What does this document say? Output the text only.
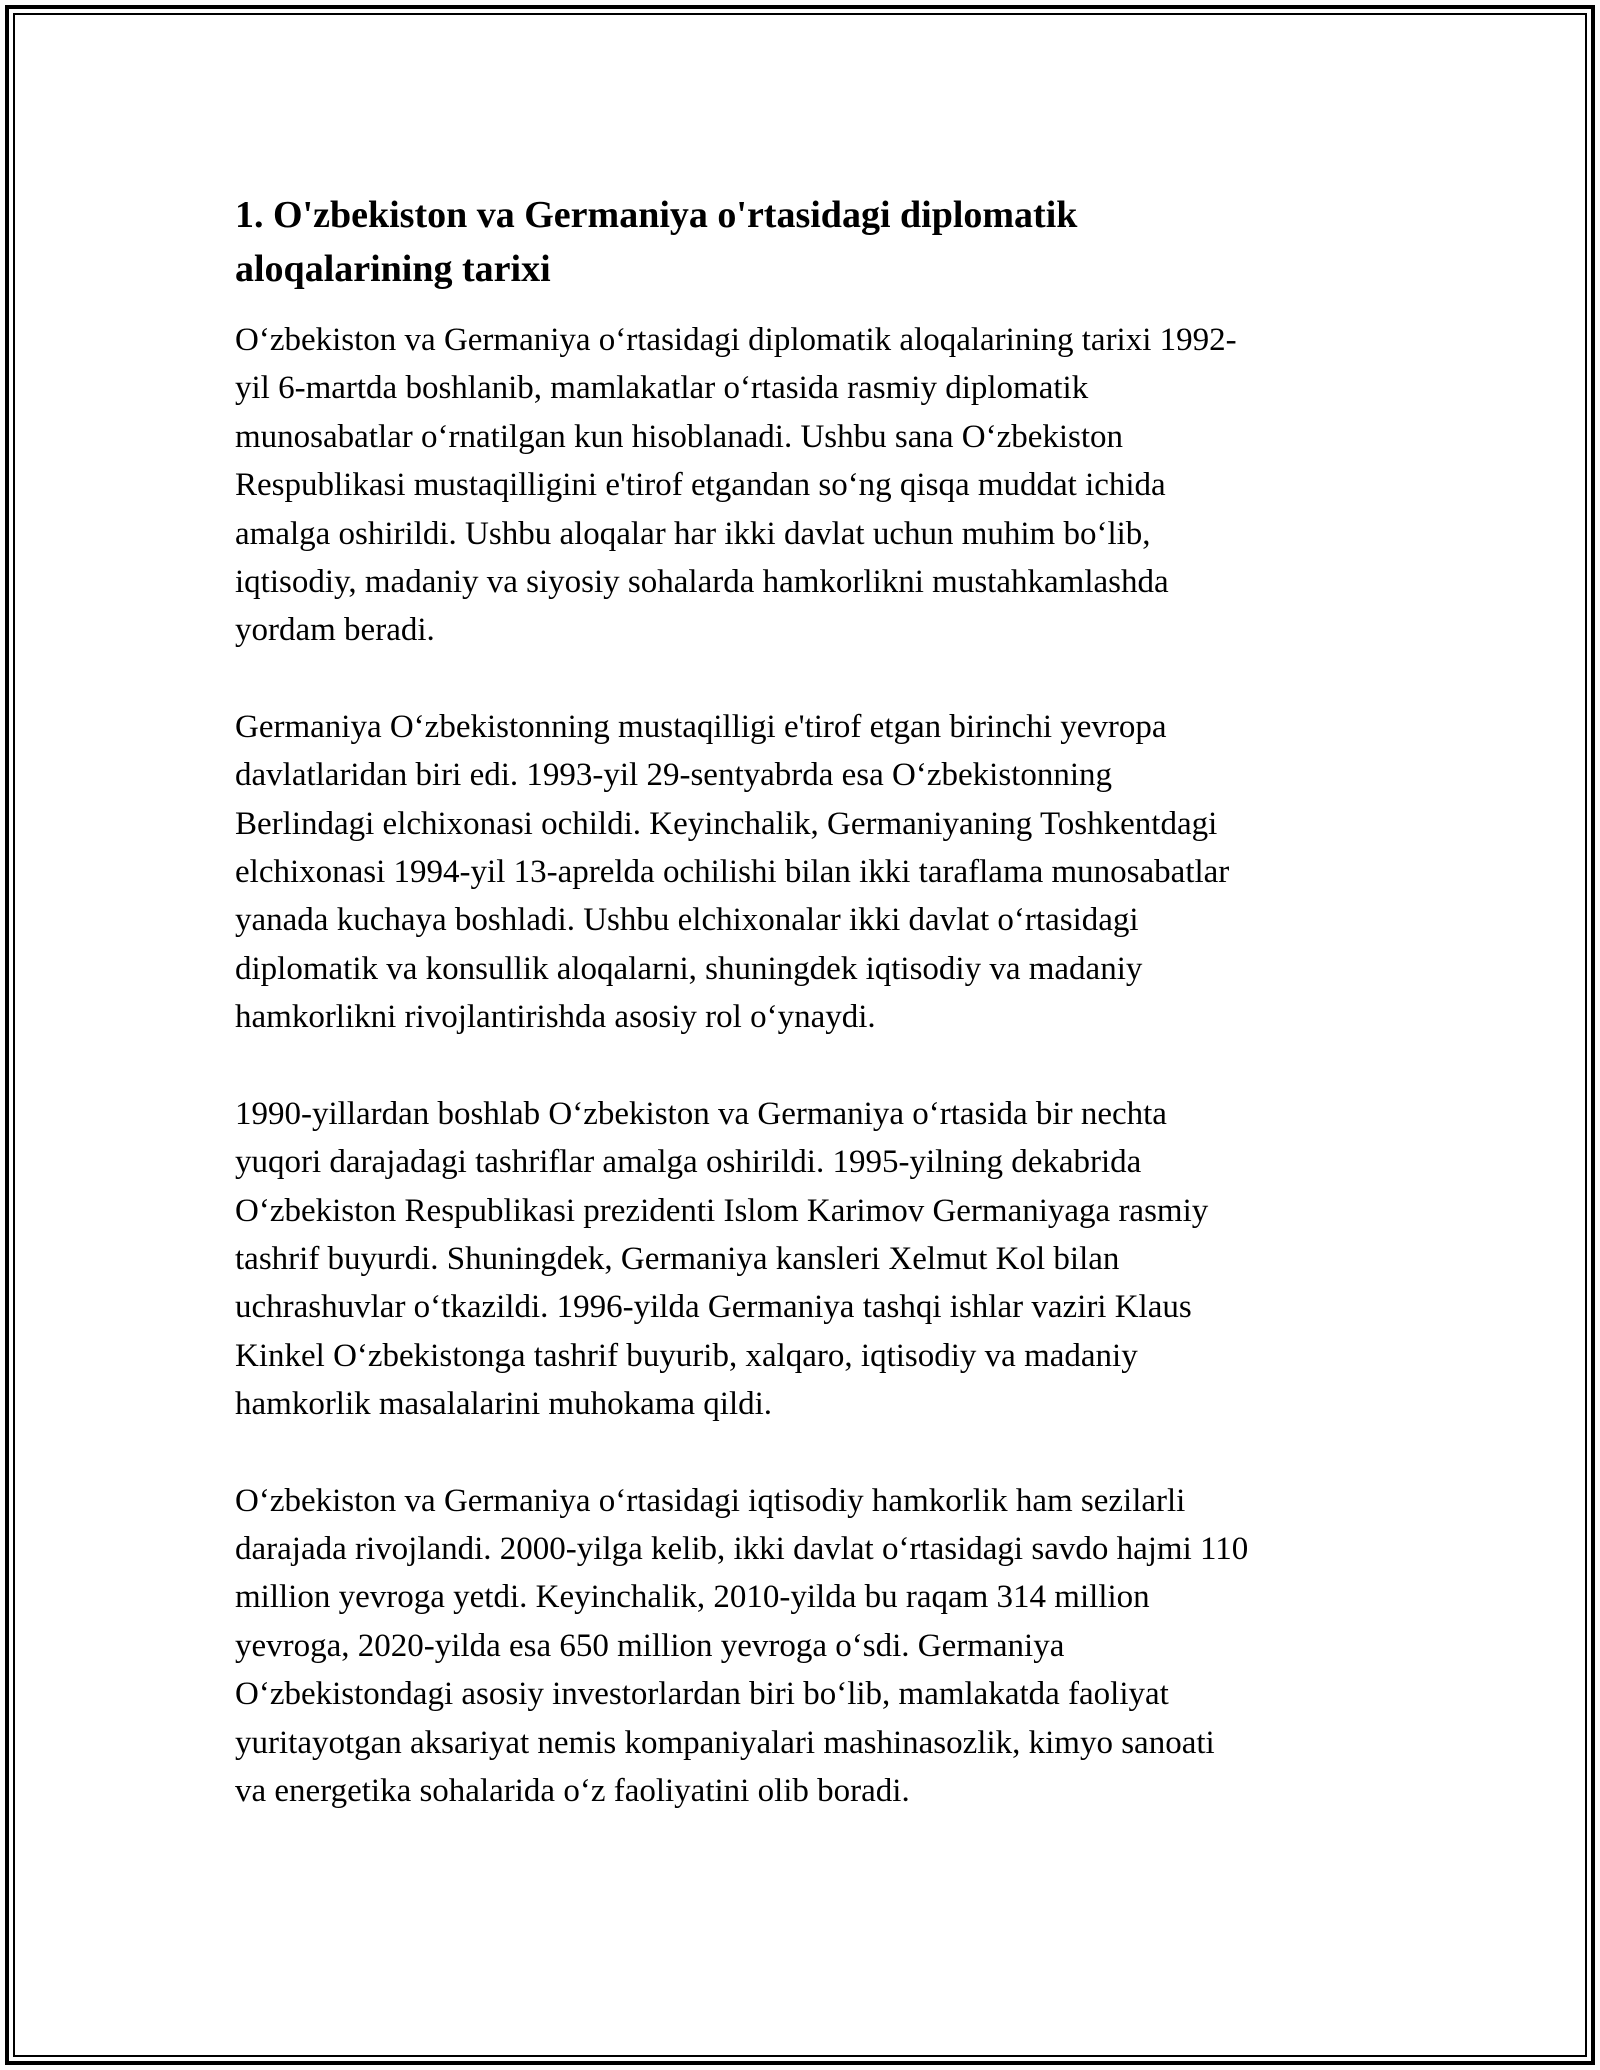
1. O'zbekiston va Germaniya o'rtasidagi diplomatik
aloqalarining tarixi

O‘zbekiston va Germaniya o‘rtasidagi diplomatik aloqalarining tarixi 1992-
yil 6-martda boshlanib, mamlakatlar o‘rtasida rasmiy diplomatik
munosabatlar o‘rnatilgan kun hisoblanadi. Ushbu sana O‘zbekiston
Respublikasi mustaqilligini e'tirof etgandan so‘ng qisqa muddat ichida
amalga oshirildi. Ushbu aloqalar har ikki davlat uchun muhim bo‘lib,
iqtisodiy, madaniy va siyosiy sohalarda hamkorlikni mustahkamlashda
yordam beradi.

Germaniya O‘zbekistonning mustaqilligi e'tirof etgan birinchi yevropa
davlatlaridan biri edi. 1993-yil 29-sentyabrda esa O‘zbekistonning
Berlindagi elchixonasi ochildi. Keyinchalik, Germaniyaning Toshkentdagi
elchixonasi 1994-yil 13-aprelda ochilishi bilan ikki taraflama munosabatlar
yanada kuchaya boshladi. Ushbu elchixonalar ikki davlat o‘rtasidagi
diplomatik va konsullik aloqalarni, shuningdek iqtisodiy va madaniy
hamkorlikni rivojlantirishda asosiy rol o‘ynaydi.

1990-yillardan boshlab O‘zbekiston va Germaniya o‘rtasida bir nechta
yuqori darajadagi tashriflar amalga oshirildi. 1995-yilning dekabrida
O‘zbekiston Respublikasi prezidenti Islom Karimov Germaniyaga rasmiy
tashrif buyurdi. Shuningdek, Germaniya kansleri Xelmut Kol bilan
uchrashuvlar o‘tkazildi. 1996-yilda Germaniya tashqi ishlar vaziri Klaus
Kinkel O‘zbekistonga tashrif buyurib, xalqaro, iqtisodiy va madaniy
hamkorlik masalalarini muhokama qildi.

O‘zbekiston va Germaniya o‘rtasidagi iqtisodiy hamkorlik ham sezilarli
darajada rivojlandi. 2000-yilga kelib, ikki davlat o‘rtasidagi savdo hajmi 110
million yevroga yetdi. Keyinchalik, 2010-yilda bu raqam 314 million
yevroga, 2020-yilda esa 650 million yevroga o‘sdi. Germaniya
O‘zbekistondagi asosiy investorlardan biri bo‘lib, mamlakatda faoliyat
yuritayotgan aksariyat nemis kompaniyalari mashinasozlik, kimyo sanoati
va energetika sohalarida o‘z faoliyatini olib boradi.
